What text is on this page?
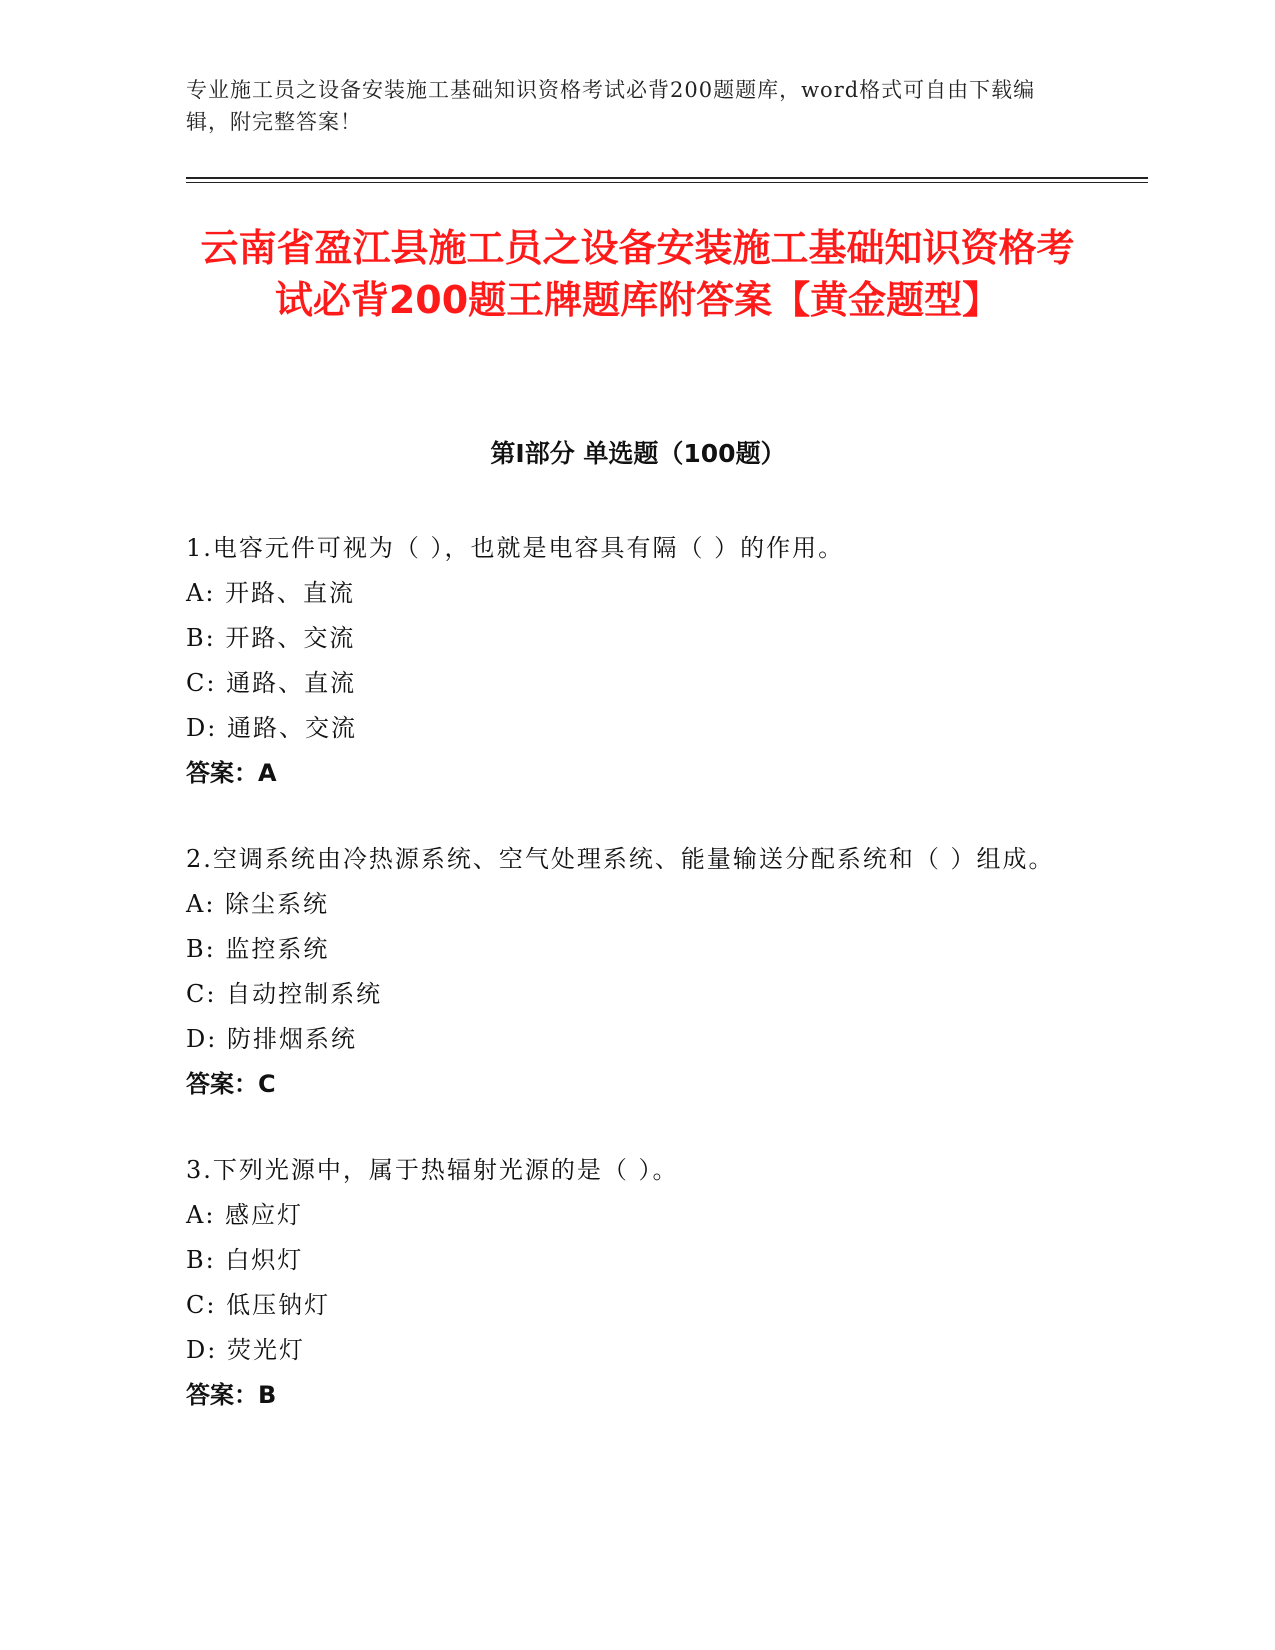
专业施工员之设备安装施工基础知识资格考试必背200题题库，word格式可自由下载编辑，附完整答案！
云南省盈江县施工员之设备安装施工基础知识资格考试必背200题王牌题库附答案【黄金题型】
第I部分 单选题（100题）
1.电容元件可视为（ ），也就是电容具有隔（ ）的作用。
A: 开路、直流
B: 开路、交流
C: 通路、直流
D: 通路、交流
答案：A
2.空调系统由冷热源系统、空气处理系统、能量输送分配系统和（ ）组成。
A: 除尘系统
B: 监控系统
C: 自动控制系统
D: 防排烟系统
答案：C
3.下列光源中，属于热辐射光源的是（ ）。
A: 感应灯
B: 白炽灯
C: 低压钠灯
D: 荧光灯
答案：B
